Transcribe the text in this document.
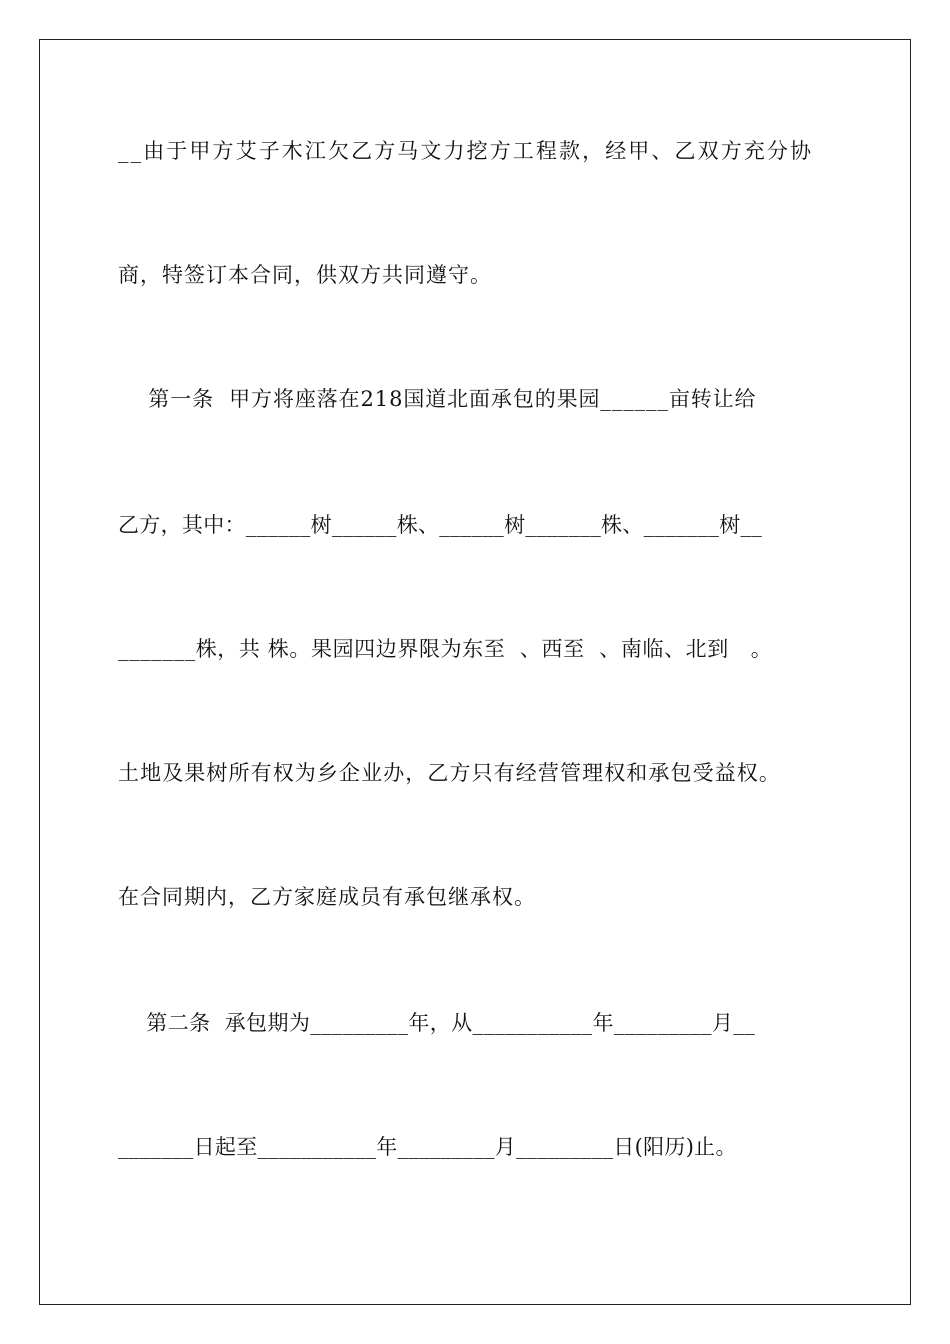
__由于甲方艾子木江欠乙方马文力挖方工程款，经甲、乙双方充分协
商，特签订本合同，供双方共同遵守。
第一条  甲方将座落在218国道北面承包的果园______亩转让给
乙方，其中：______树______株、______树_______株、_______树__
_______株，共 株。果园四边界限为东至  、西至  、南临、北到   。
土地及果树所有权为乡企业办，乙方只有经营管理权和承包受益权。
在合同期内，乙方家庭成员有承包继承权。
第二条  承包期为_________年，从___________年_________月__
_______日起至___________年_________月_________日(阳历)止。
